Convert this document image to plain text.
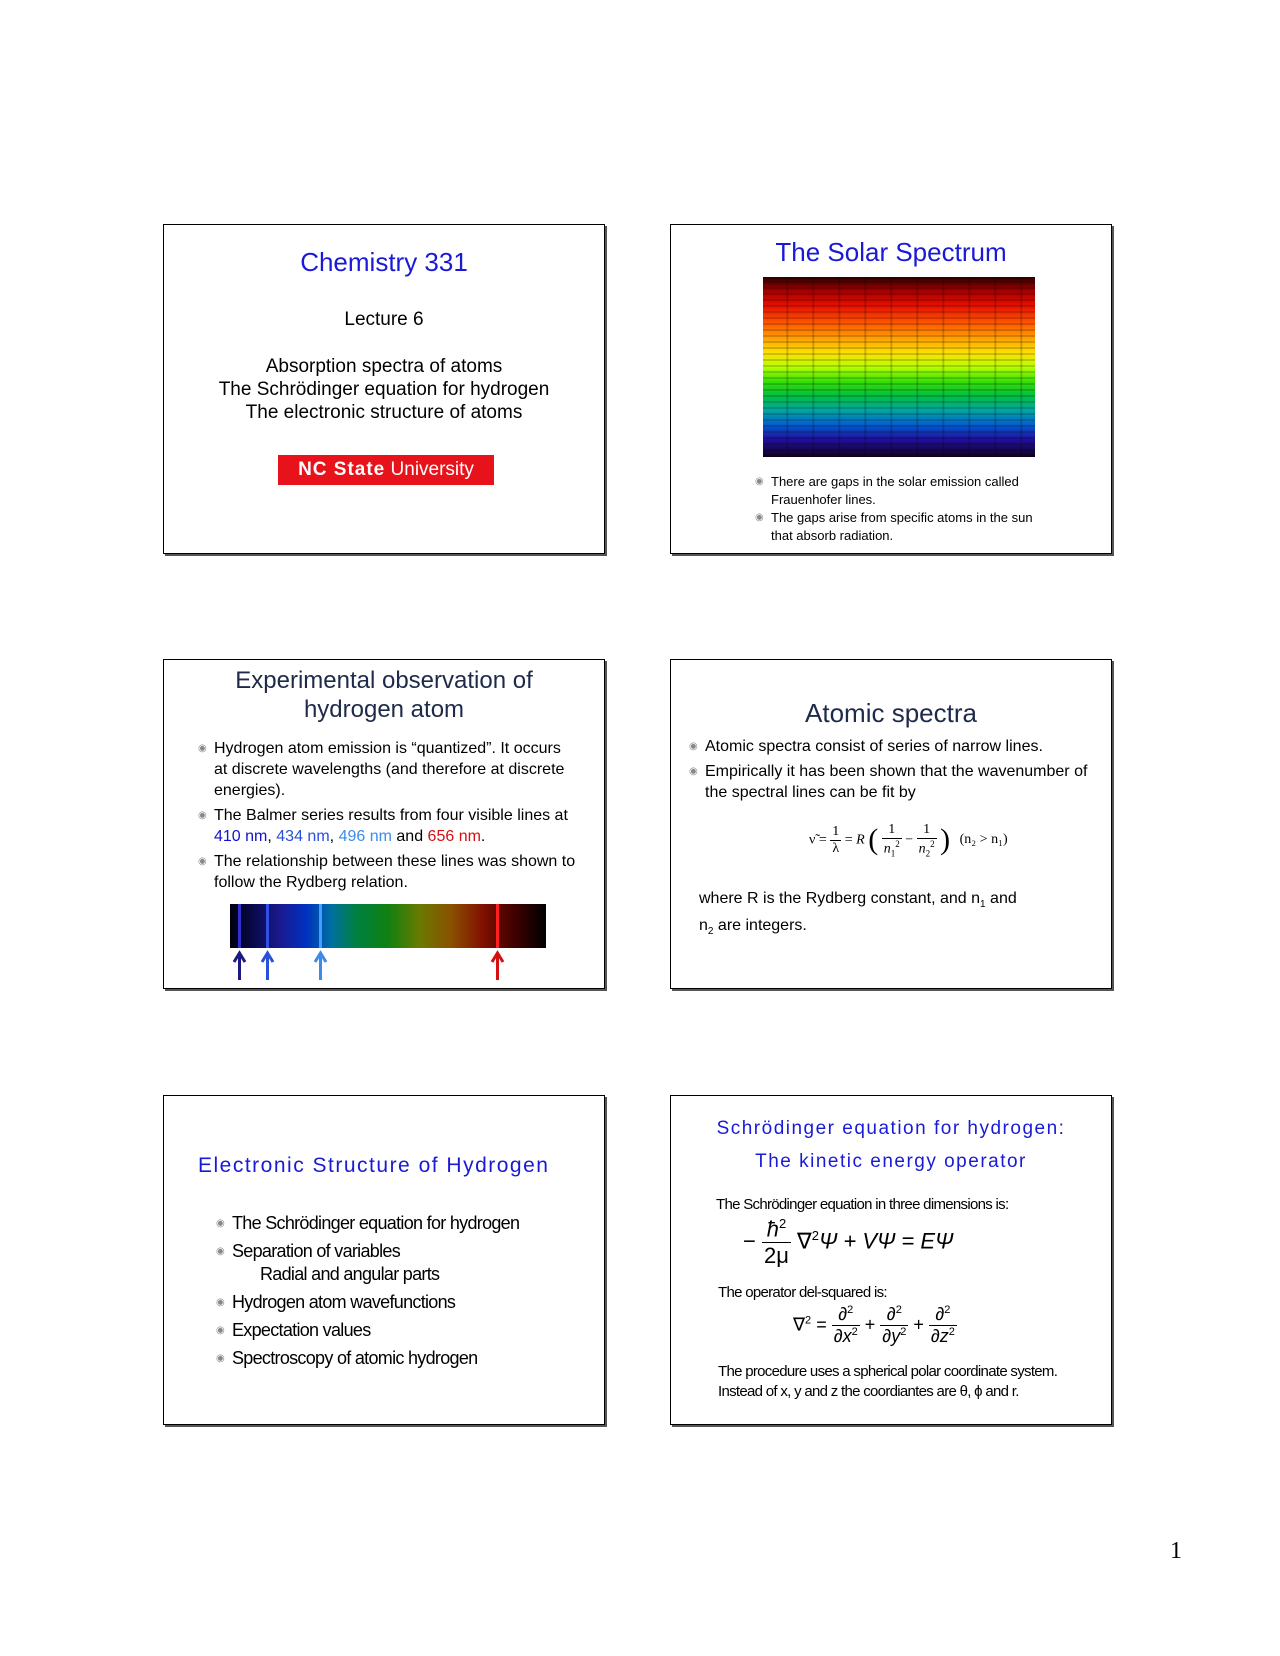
Chemistry 331
Lecture 6
Absorption spectra of atoms
The Schrödinger equation for hydrogen
The electronic structure of atoms
NC State University
The Solar Spectrum
◉ There are gaps in the solar emission called Frauenhofer lines.
◉ The gaps arise from specific atoms in the sun that absorb radiation.
Experimental observation of
hydrogen atom
◉ Hydrogen atom emission is “quantized”. It occurs at discrete wavelengths (and therefore at discrete energies).
◉ The Balmer series results from four visible lines at 410 nm, 434 nm, 496 nm and 656 nm.
◉ The relationship between these lines was shown to follow the Rydberg relation.
Atomic spectra
◉ Atomic spectra consist of series of narrow lines.
◉ Empirically it has been shown that the wavenumber of the spectral lines can be fit by
ν̃ = $\frac{1}{\lambda} = R$ ( $\frac{1}{n_1^2} - \frac{1}{n_2^2}$ ) (n₂ > n₁)
where R is the Rydberg constant, and $n_1$ and
$n_2$ are integers.
Electronic Structure of Hydrogen
◉ The Schrödinger equation for hydrogen
◉ Separation of variables
Radial and angular parts
◉ Hydrogen atom wavefunctions
◉ Expectation values
◉ Spectroscopy of atomic hydrogen
Schrödinger equation for hydrogen:
The kinetic energy operator
The Schrödinger equation in three dimensions is:
− $\frac{ħ^2}{2\mu} \nabla^2\Psi + V\Psi = E\Psi$
The operator del-squared is:
$\nabla^2 = \frac{\partial^2}{\partial x^2} + \frac{\partial^2}{\partial y^2} + \frac{\partial^2}{\partial z^2}$
The procedure uses a spherical polar coordinate system.
Instead of x, y and z the coordiantes are θ, ϕ and r.
1
